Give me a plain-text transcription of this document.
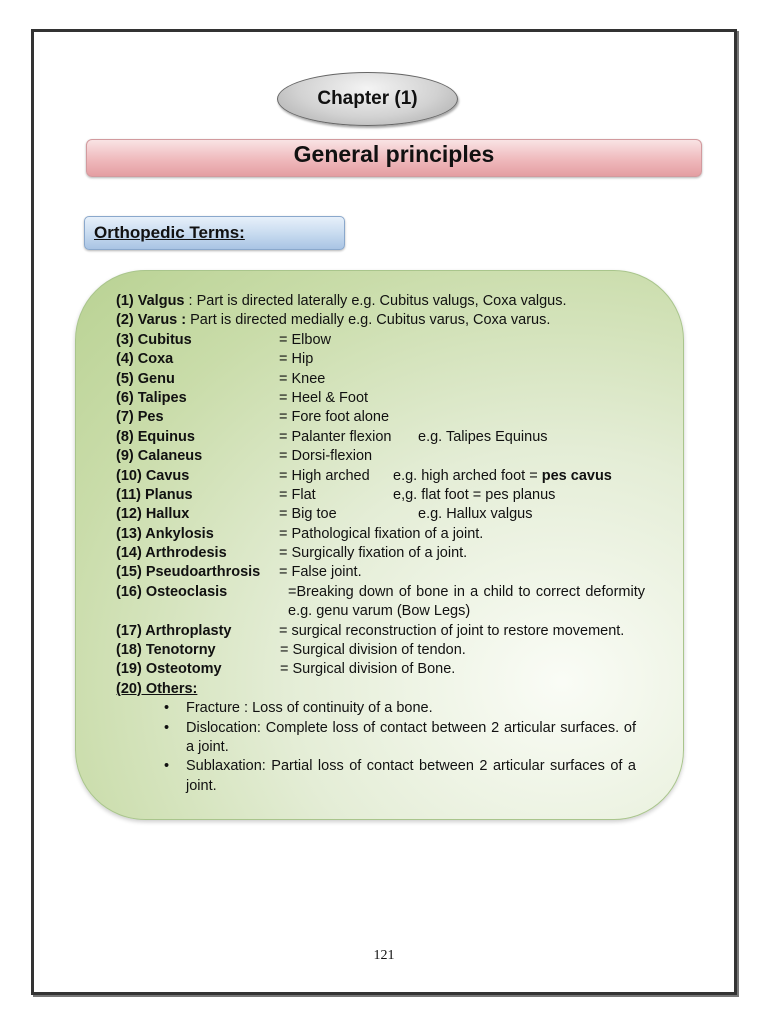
Chapter (1)
General principles
Orthopedic Terms:
(1) Valgus : Part is directed laterally e.g. Cubitus valugs, Coxa valgus.
(2) Varus : Part is directed medially e.g. Cubitus varus, Coxa varus.
(3) Cubitus	= Elbow
(4) Coxa	= Hip
(5) Genu	= Knee
(6) Talipes	= Heel & Foot
(7) Pes	= Fore foot alone
(8) Equinus	= Palanter flexion e.g. Talipes Equinus
(9) Calaneus	= Dorsi-flexion
(10) Cavus	= High arched e.g. high arched foot = pes cavus
(11) Planus	= Flat	e,g. flat foot = pes planus
(12) Hallux	= Big toe	e.g. Hallux valgus
(13) Ankylosis	= Pathological fixation of a joint.
(14) Arthrodesis	= Surgically fixation of a joint.
(15) Pseudoarthrosis = False joint.
(16) Osteoclasis	=Breaking down of bone in a child to correct deformity e.g. genu varum (Bow Legs)
(17) Arthroplasty	= surgical reconstruction of joint to restore movement.
(18) Tenotorny	= Surgical division of tendon.
(19) Osteotomy	= Surgical division of Bone.
(20) Others:
• Fracture : Loss of continuity of a bone.
• Dislocation: Complete loss of contact between 2 articular surfaces. of a joint.
• Sublaxation: Partial loss of contact between 2 articular surfaces of a joint.
121
